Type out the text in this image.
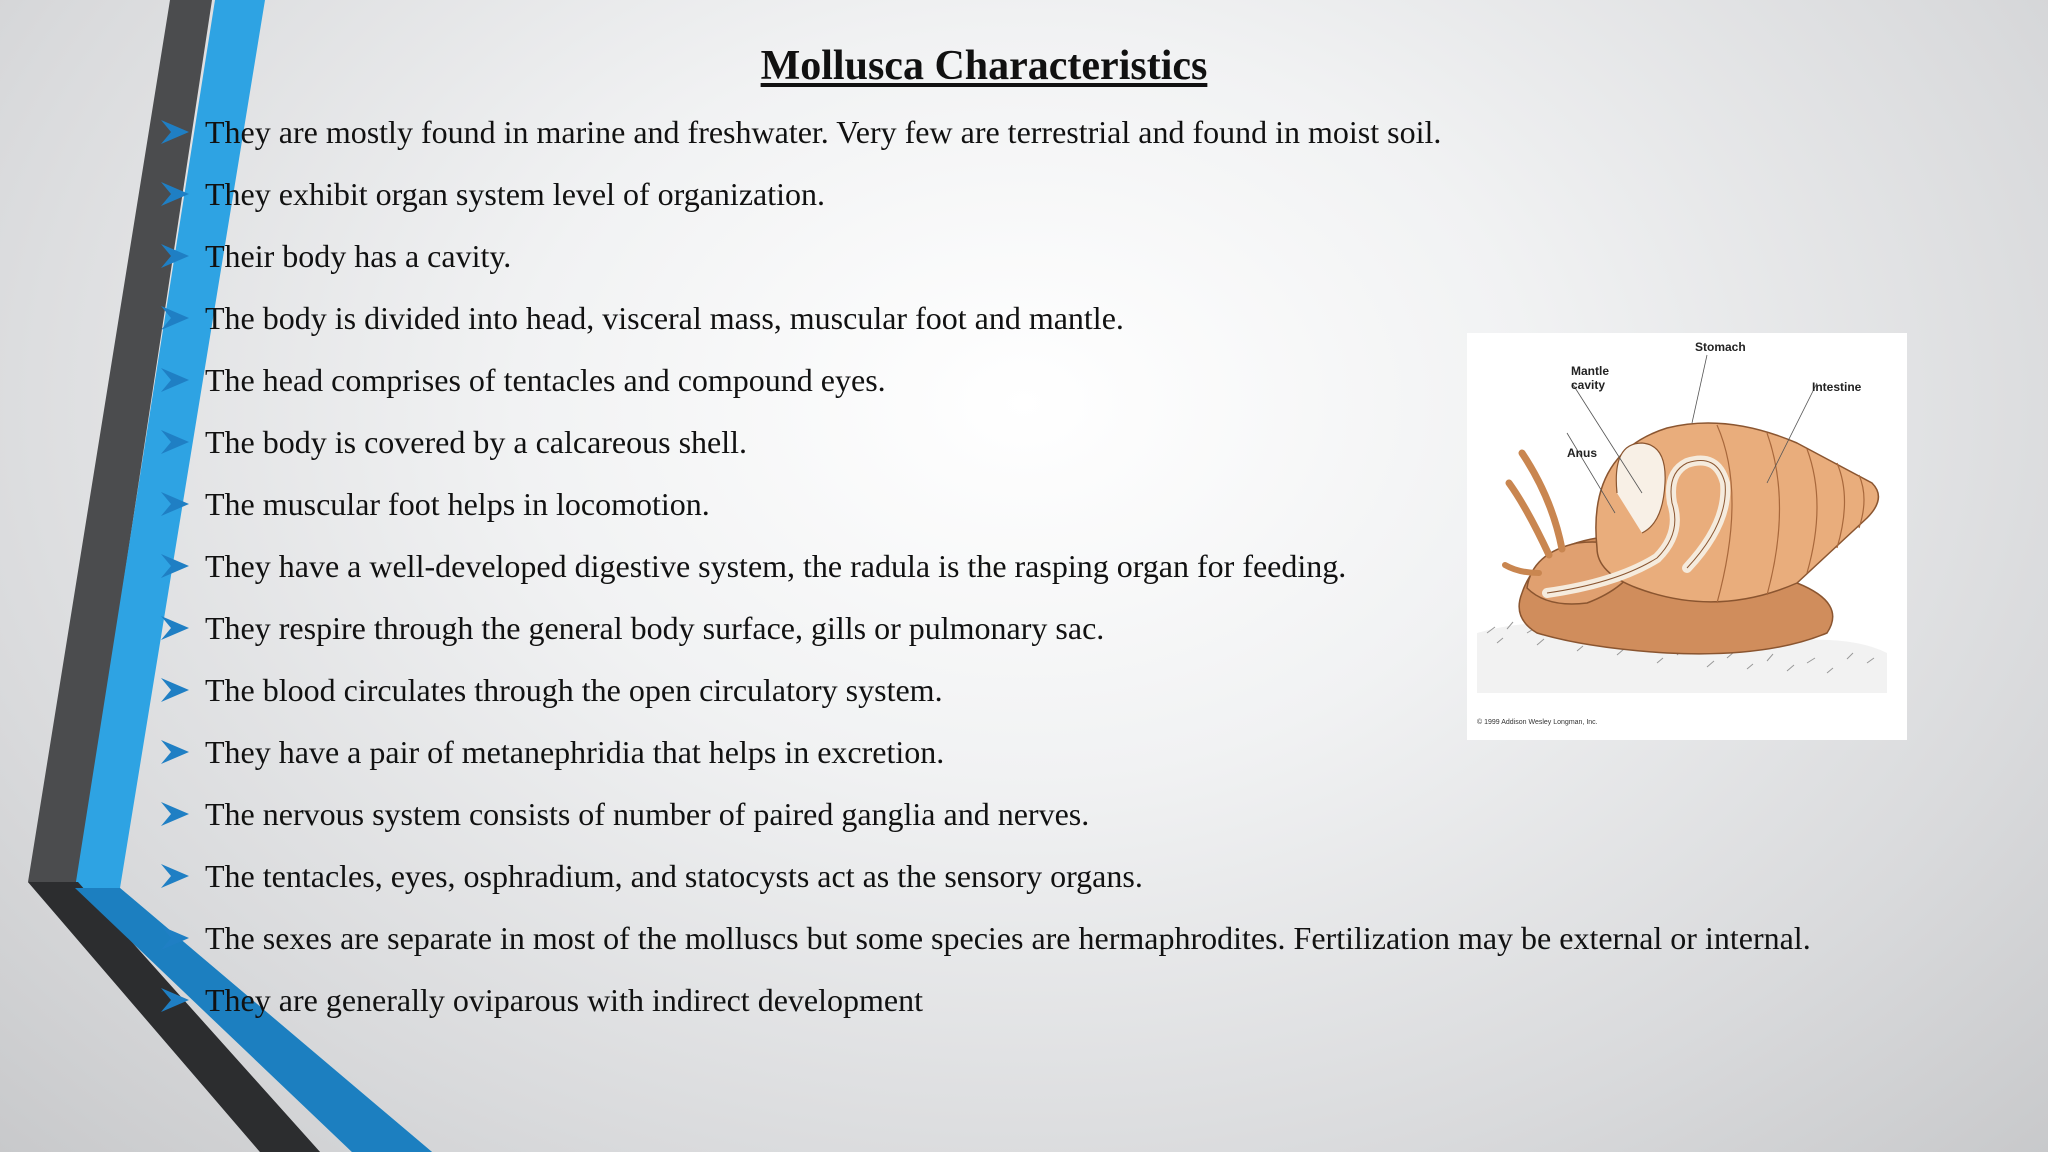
Mollusca Characteristics
They are mostly found in marine and freshwater. Very few are terrestrial and found in moist soil.
They exhibit organ system level of organization.
Their body has a cavity.
The body is divided into head, visceral mass, muscular foot and mantle.
The head comprises of tentacles and compound eyes.
The body is covered by a calcareous shell.
The muscular foot helps in locomotion.
They have a well-developed digestive system, the radula is the rasping organ for feeding.
They respire through the general body surface, gills or pulmonary sac.
The blood circulates through the open circulatory system.
They have a pair of metanephridia that helps in excretion.
The nervous system consists of number of paired ganglia and nerves.
The tentacles, eyes, osphradium, and statocysts act as the sensory organs.
The sexes are separate in most of the molluscs but some species are hermaphrodites. Fertilization may be external or internal.
They are generally oviparous with indirect development
Stomach
Mantle
cavity	Intestine
Anus
© 1999 Addison Wesley Longman, Inc.
